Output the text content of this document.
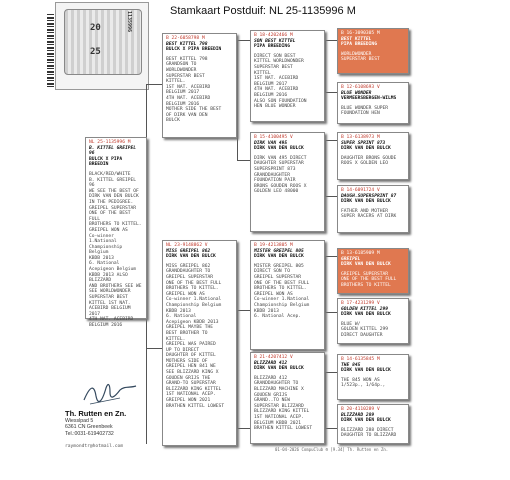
Stamkaart Postduif: NL 25-1135996 M
20
25
1135996
NL 25-1135996 M
B. KITTEL GREIPEL 96
BULCK X PIPA BREEDIN
BLACK/RED/WHITE
B. KITTEL GREIPEL 96
WE SEE THE BEST OF
DIRK VAN DEN BULCK
IN THE PEDIGREE.
GREIPEL SUPERSTAR
ONE OF THE BEST FULL
BROTHERS TO KITTEL.
GREIPEL WON AS
Co-winner 1.National
Championship Belgium
KBDB 2013
6. National
Acepigeon Belgium
KBDB 2013 ALSO
BLIZZARD
AND BROTHERS SEE WE
SEE WORLDWONDER
SUPERSTAR BEST
KITTEL 1ST NAT.
ACEBIRD BELGIUM 2017
4TH NAT. ACEBIRD
BELGIUM 2016
B 22-6058798 M
BEST KITTEL 798
BULCK X PIPA BREEDIN
BEST KITTEL 798
GRANDSON TO
WORLDWONDER
SUPERSTAR BEST
KITTEL.
1ST NAT. ACEBIRD
BELGIUM 2017
4TH NAT. ACEBIRD
BELGIUM 2016
MOTHER SIDE THE BEST
OF DIRK VAN DEN
BULCK
NL 23-9148862 V
MISS GREIPEL 862
DIRK VAN DEN BULCK
MISS GREIPEL 862
GRANDDAUGHTER TO
GREIPEL SUPERSTAR
ONE OF THE BEST FULL
BROTHERS TO KITTEL.
GREIPEL WON AS
Co-winner 1.National
Championship Belgium
KBDB 2013
6. National
Acepigeon KBDB 2013
GREIPEL MAYBE THE
BEST BROTHER TO
KITTEL.
GREIPEL WAS PAIRED
UP TO DIRECT
DAUGHTER OF KITTEL
MOTHERS SIDE OF
GREIPEL HEN 841 WE
SEE BLIZZARD KING X
GOUDEN GRIJS THE
GRAND-TO SUPERSTAR
BLIZZARD KING KITTEL
1ST NATIONAL ACEP.
GREIPEL WON 2021
BRATHEN KITTEL LOWEST
B 18-4202466 M
SON BEST KITTEL
PIPA BREEDING
DIRECT SON BEST
KITTEL WORLDWONDER
SUPERSTAR BEST
KITTEL
1ST NAT. ACEBIRD
BELGIUM 2017
4TH NAT. ACEBIRD
BELGIUM 2016
ALSO SON FOUNDATION
HEN BLUE WONDER
B 15-4100495 V
DIRK VAN 495
DIRK VAN DEN BULCK
DIRK VAN 495 DIRECT
DAUGHTER SUPERSTAR
SUPERSPRINT 873
GRANDDAUGHTER
FOUNDATION PAIR
BRONS GOUDEN ROOS X
GOLDEN LEO 48000
B 19-4213805 M
MISTER GREIPEL 805
DIRK VAN DEN BULCK
MISTER GREIPEL 805
DIRECT SON TO
GREIPEL SUPERSTAR
ONE OF THE BEST FULL
BROTHERS TO KITTEL.
GREIPEL WON AS
Co-winner 1.National
Championship Belgium
KBDB 2013
6. National Acep.
B 21-4207412 V
BLIZZARD 412
DIRK VAN DEN BULCK
BLIZZARD 412
GRANDDAUGHTER TO
BLIZZARD MACHINE X
GOUDEN GRIJS
GRAND..TO NEW
SUPERSTAR BLIZZARD
BLIZZARD KING KITTEL
1ST NATIONAL ACEP.
BELGIUM KBDB 2021
BRATHEN KITTEL LOWEST
B 16-3090305 M
BEST KITTEL
PIPA BREEDING
WORLDWONDER
SUPERSTAR BEST
B 12-6108693 V
BLUE WONDER
VERMEERSBERGEN-WILMS
BLUE WONDER SUPER
FOUNDATION HEN
B 13-6138973 M
SUPER SPRINT 873
DIRK VAN DEN BULCK
DAUGHTER BRONS GOUDE
ROOS X GOLDEN LEO
B 14-6091724 V
DAUGH.SUPERSPRINT 87
DIRK VAN DEN BULCK
FATHER AND MOTHER
SUPER RACERS AT DIRK
B 13-6185909 M
GREIPEL
DIRK VAN DEN BULCK
GREIPEL SUPERSTAR
ONE OF THE BEST FULL
BROTHERS TO KITTEL
B 17-4231299 V
GOLDEN KITTEL 299
DIRK VAN DEN BULCK
BLUE W/
GOLDEN KITTEL 299
DIRECT DAUGHTER
B 14-6135845 M
THE 845
DIRK VAN DEN BULCK
THE 845 WON AS
1/523p., 1/64p.,
B 20-4110289 V
BLIZZARD 289
DIRK VAN DEN BULCK
BLIZZARD 288 DIRECT
DAUGHTER TO BLIZZARD
Th. Rutten en Zn.
Wiesslpad 5
6361 CN Greenbeek
Tel.:0031-619402732
raymondtr@hotmail.com
01-04-2026 CompuClub ® [9.34] Th. Rutten en Zn.
